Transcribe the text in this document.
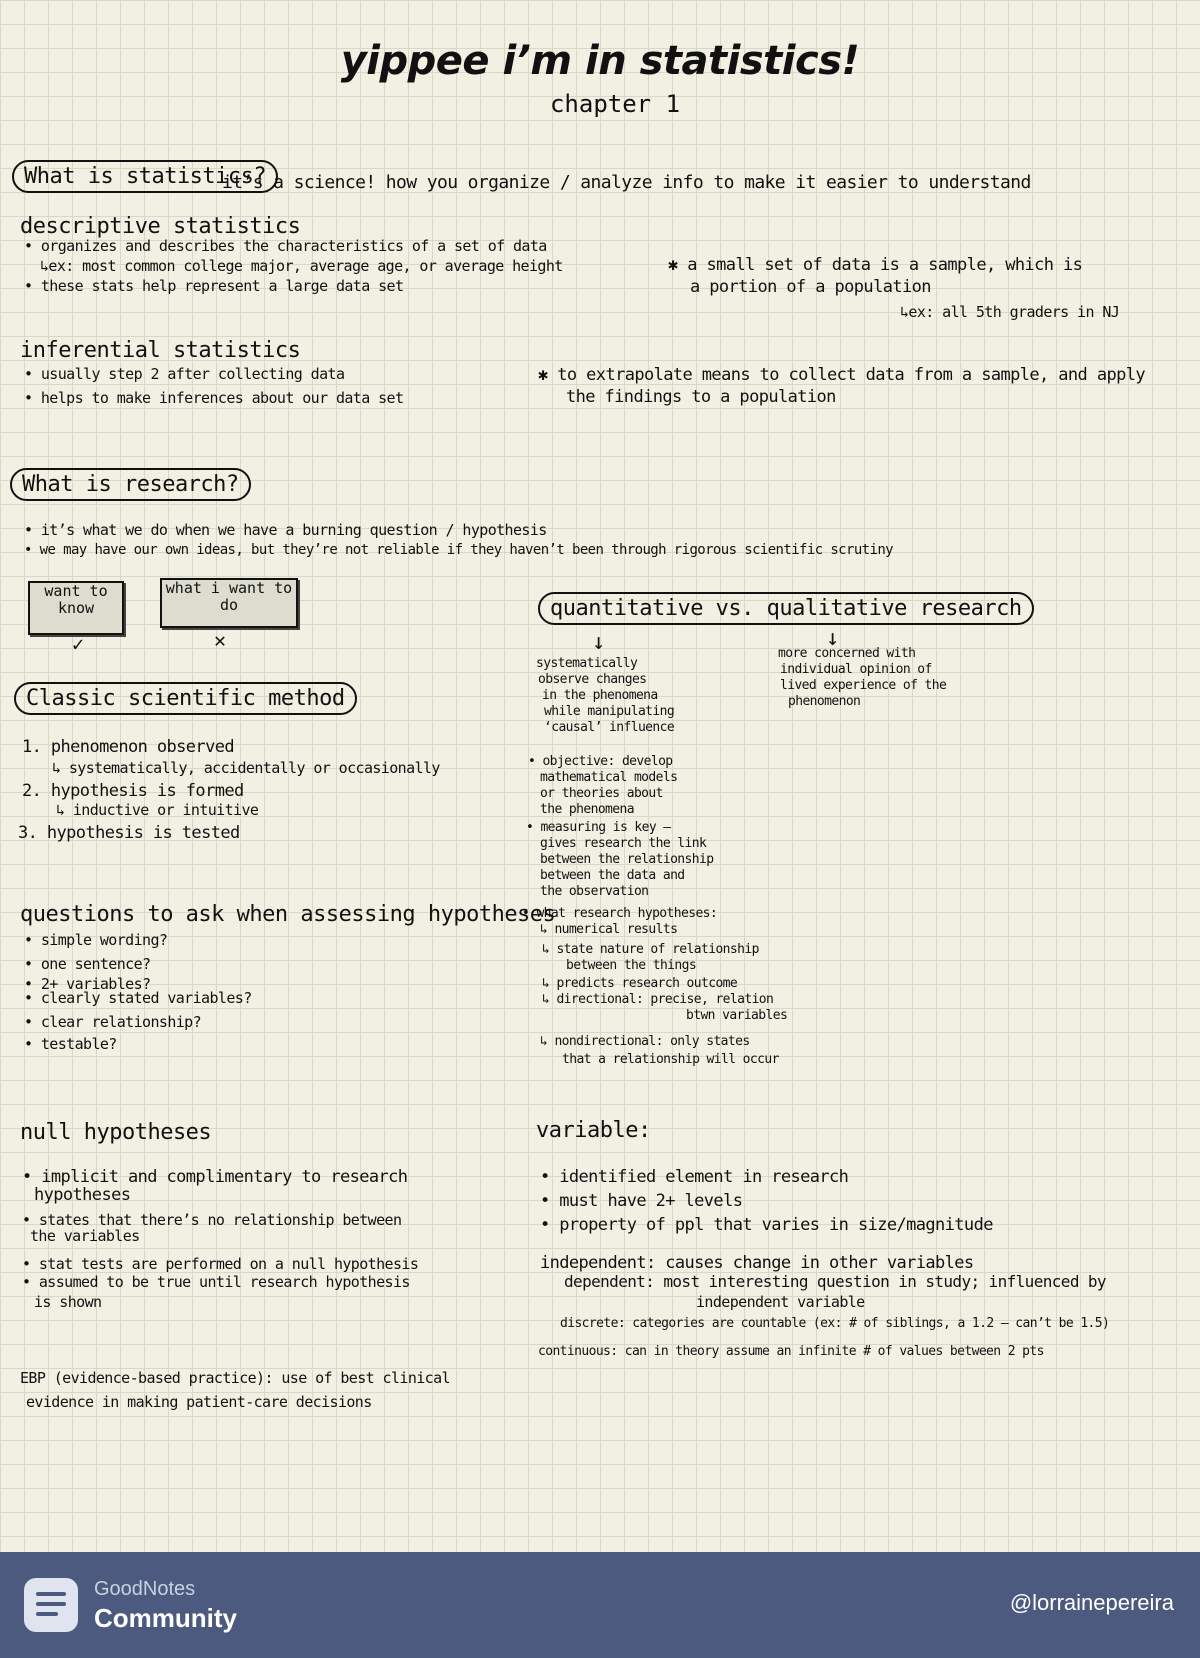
yippee i’m in statistics!
chapter 1
What is statistics?
it’s a science! how you organize / analyze info to make it easier to understand
descriptive statistics
• organizes and describes the characteristics of a set of data
↳ex: most common college major, average age, or average height
• these stats help represent a large data set
✱ a small set of data is a sample, which is
a portion of a population
↳ex: all 5th graders in NJ
inferential statistics
• usually step 2 after collecting data
• helps to make inferences about our data set
✱ to extrapolate means to collect data from a sample, and apply
the findings to a population
What is research?
• it’s what we do when we have a burning question / hypothesis
• we may have our own ideas, but they’re not reliable if they haven’t been through rigorous scientific scrutiny
want to know
✓
what i want to do
✕
Classic scientific method
1. phenomenon observed
↳ systematically, accidentally or occasionally
2. hypothesis is formed
↳ inductive or intuitive
3. hypothesis is tested
quantitative vs. qualitative research
↓	↓
systematically
observe changes
in the phenomena
while manipulating
‘causal’ influence
more concerned with
individual opinion of
lived experience of the
phenomenon
• objective: develop
mathematical models
or theories about
the phenomena
• measuring is key –
gives research the link
between the relationship
between the data and
the observation
• what research hypotheses:
↳ numerical results
↳ state nature of relationship
between the things
↳ predicts research outcome
↳ directional: precise, relation
btwn variables
↳ nondirectional: only states
that a relationship will occur
questions to ask when assessing hypotheses
• simple wording?
• one sentence?
• 2+ variables?
• clearly stated variables?
• clear relationship?
• testable?
null hypotheses
• implicit and complimentary to research
hypotheses
• states that there’s no relationship between
the variables
• stat tests are performed on a null hypothesis
• assumed to be true until research hypothesis
is shown
EBP (evidence-based practice): use of best clinical
evidence in making patient-care decisions
variable:
• identified element in research
• must have 2+ levels
• property of ppl that varies in size/magnitude
independent: causes change in other variables
dependent: most interesting question in study; influenced by
independent variable
discrete: categories are countable (ex: # of siblings, a 1.2 – can’t be 1.5)
continuous: can in theory assume an infinite # of values between 2 pts
GoodNotes
Community
@lorrainepereira
